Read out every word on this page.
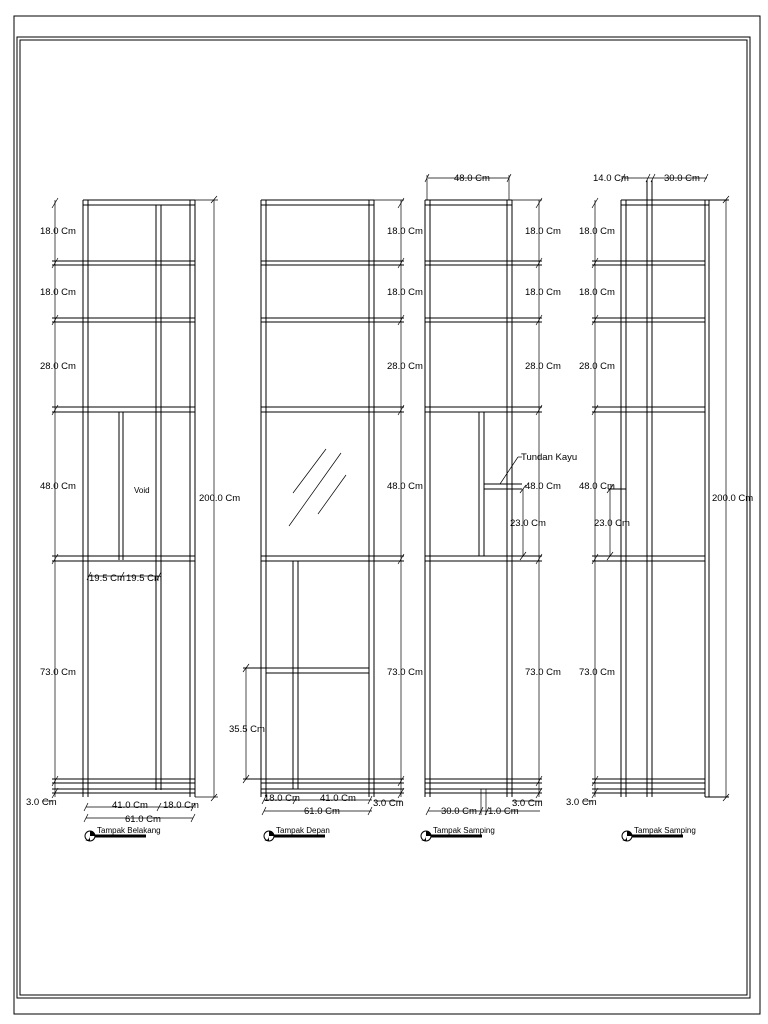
18.0 Cm
18.0 Cm
28.0 Cm
48.0 Cm
73.0 Cm
3.0 Cm
200.0 Cm
Void
19.5 Cm 19.5 Cm
41.0 Cm 18.0 Cm
61.0 Cm
Tampak Belakang
18.0 Cm
18.0 Cm
28.0 Cm
48.0 Cm
73.0 Cm
35.5 Cm
18.0 Cm 41.0 Cm 3.0 Cm
61.0 Cm
Tampak Depan
48.0 Cm
18.0 Cm
18.0 Cm
28.0 Cm
48.0 Cm
73.0 Cm
Tundan Kayu
23.0 Cm
30.0 Cm 1.0 Cm
3.0 Cm
Tampak Samping
14.0 Cm	30.0 Cm
18.0 Cm
18.0 Cm
28.0 Cm
48.0 Cm
73.0 Cm
3.0 Cm
23.0 Cm
200.0 Cm
Tampak Samping
